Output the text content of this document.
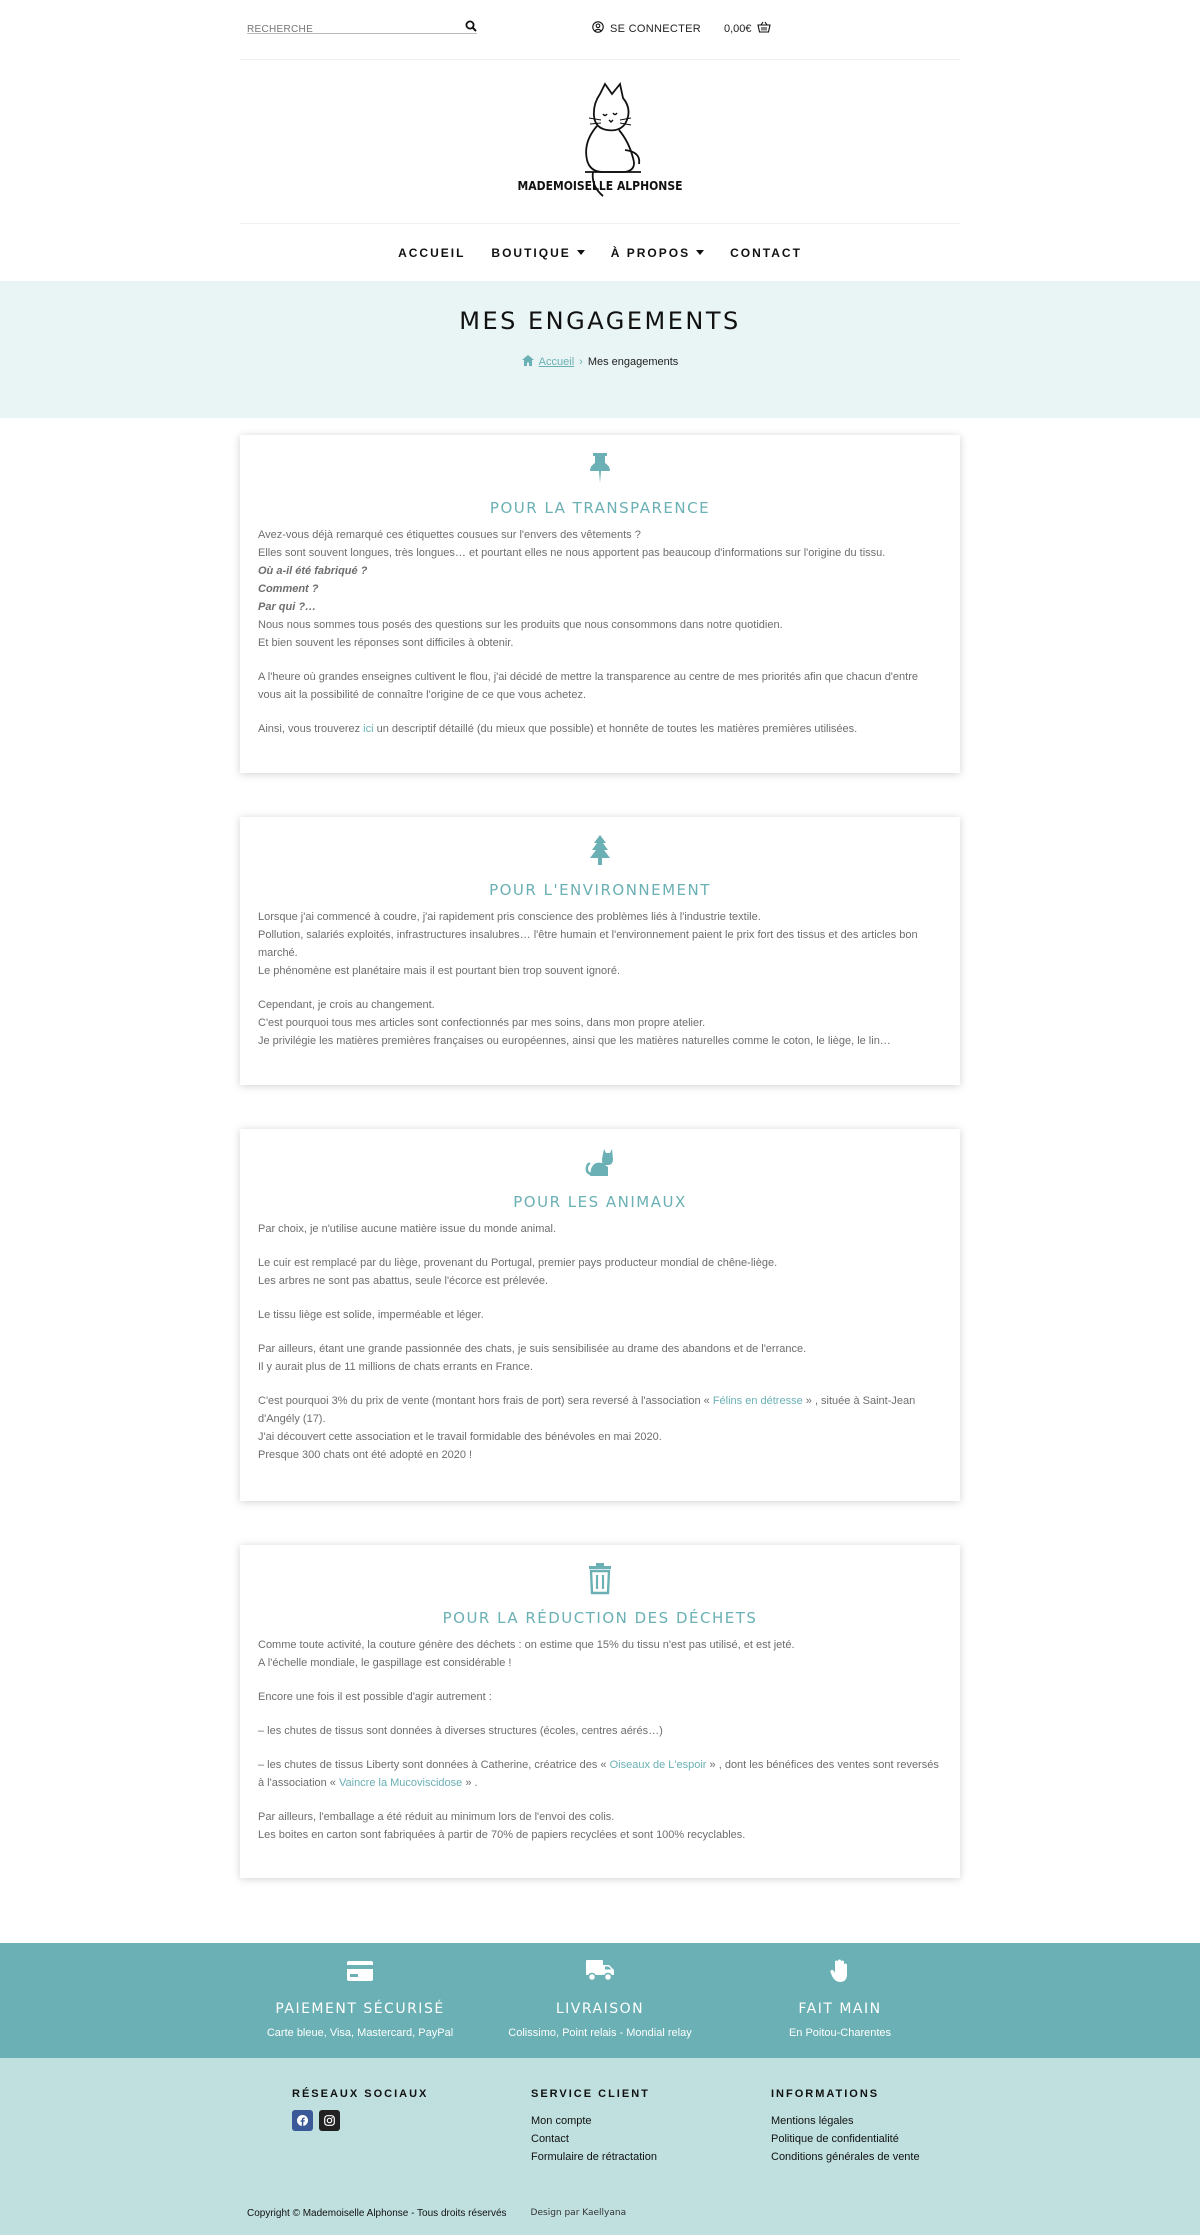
RECHERCHE
SE CONNECTER 0,00€
MADEMOISELLE ALPHONSE
ACCUEIL BOUTIQUE	À PROPOS	CONTACT
MES ENGAGEMENTS
Accueil › Mes engagements
POUR LA TRANSPARENCE

Avez-vous déjà remarqué ces étiquettes cousues sur l'envers des vêtements ?
Elles sont souvent longues, très longues… et pourtant elles ne nous apportent pas beaucoup d'informations sur l'origine du tissu.
Où a-il été fabriqué ?
Comment ?
Par qui ?…
Nous nous sommes tous posés des questions sur les produits que nous consommons dans notre quotidien.
Et bien souvent les réponses sont difficiles à obtenir.

A l'heure où grandes enseignes cultivent le flou, j'ai décidé de mettre la transparence au centre de mes priorités afin que chacun d'entre vous ait la possibilité de connaître l'origine de ce que vous achetez.

Ainsi, vous trouverez ici un descriptif détaillé (du mieux que possible) et honnête de toutes les matières premières utilisées.

POUR L'ENVIRONNEMENT

Lorsque j'ai commencé à coudre, j'ai rapidement pris conscience des problèmes liés à l'industrie textile.
Pollution, salariés exploités, infrastructures insalubres… l'être humain et l'environnement paient le prix fort des tissus et des articles bon marché.
Le phénomène est planétaire mais il est pourtant bien trop souvent ignoré.

Cependant, je crois au changement.
C'est pourquoi tous mes articles sont confectionnés par mes soins, dans mon propre atelier.
Je privilégie les matières premières françaises ou européennes, ainsi que les matières naturelles comme le coton, le liège, le lin…

POUR LES ANIMAUX

Par choix, je n'utilise aucune matière issue du monde animal.

Le cuir est remplacé par du liège, provenant du Portugal, premier pays producteur mondial de chêne-liège.
Les arbres ne sont pas abattus, seule l'écorce est prélevée.

Le tissu liège est solide, imperméable et léger.

Par ailleurs, étant une grande passionnée des chats, je suis sensibilisée au drame des abandons et de l'errance.
Il y aurait plus de 11 millions de chats errants en France.

C'est pourquoi 3% du prix de vente (montant hors frais de port) sera reversé à l'association « Félins en détresse » , située à Saint-Jean d'Angély (17).
J'ai découvert cette association et le travail formidable des bénévoles en mai 2020.
Presque 300 chats ont été adopté en 2020 !

POUR LA RÉDUCTION DES DÉCHETS

Comme toute activité, la couture génère des déchets : on estime que 15% du tissu n'est pas utilisé, et est jeté.
A l'échelle mondiale, le gaspillage est considérable !

Encore une fois il est possible d'agir autrement :

– les chutes de tissus sont données à diverses structures (écoles, centres aérés…)

– les chutes de tissus Liberty sont données à Catherine, créatrice des « Oiseaux de L'espoir » , dont les bénéfices des ventes sont reversés à l'association « Vaincre la Mucoviscidose » .

Par ailleurs, l'emballage a été réduit au minimum lors de l'envoi des colis.
Les boites en carton sont fabriquées à partir de 70% de papiers recyclées et sont 100% recyclables.

PAIEMENT SÉCURISÉ
Carte bleue, Visa, Mastercard, PayPal
LIVRAISON
Colissimo, Point relais - Mondial relay
FAIT MAIN
En Poitou-Charentes
RÉSEAUX SOCIAUX	SERVICE CLIENT
Mon compte
Contact
Formulaire de rétractation
INFORMATIONS
Mentions légales
Politique de confidentialité
Conditions générales de vente
Copyright © Mademoiselle Alphonse - Tous droits réservés	Design par Kaellyana
